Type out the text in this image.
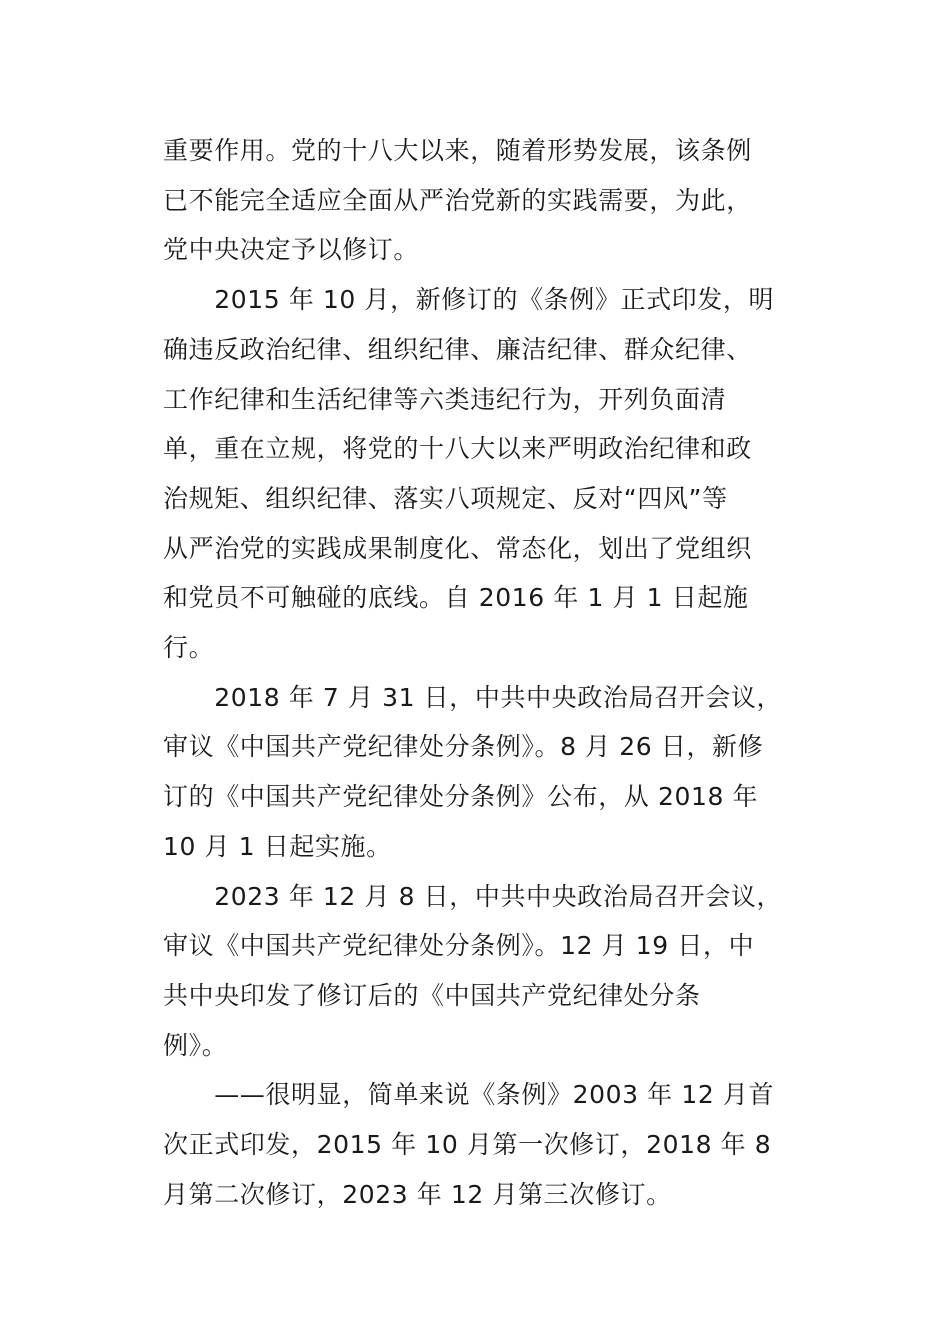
重要作用。党的十八大以来，随着形势发展，该条例
已不能完全适应全面从严治党新的实践需要，为此，
党中央决定予以修订。
　　2015 年 10 月，新修订的《条例》正式印发，明
确违反政治纪律、组织纪律、廉洁纪律、群众纪律、
工作纪律和生活纪律等六类违纪行为，开列负面清
单，重在立规，将党的十八大以来严明政治纪律和政
治规矩、组织纪律、落实八项规定、反对“四风”等
从严治党的实践成果制度化、常态化，划出了党组织
和党员不可触碰的底线。自 2016 年 1 月 1 日起施
行。
　　2018 年 7 月 31 日，中共中央政治局召开会议，
审议《中国共产党纪律处分条例》。8 月 26 日，新修
订的《中国共产党纪律处分条例》公布，从 2018 年
10 月 1 日起实施。
　　2023 年 12 月 8 日，中共中央政治局召开会议，
审议《中国共产党纪律处分条例》。12 月 19 日，中
共中央印发了修订后的《中国共产党纪律处分条
例》。
　　——很明显，简单来说《条例》2003 年 12 月首
次正式印发，2015 年 10 月第一次修订，2018 年 8
月第二次修订，2023 年 12 月第三次修订。
